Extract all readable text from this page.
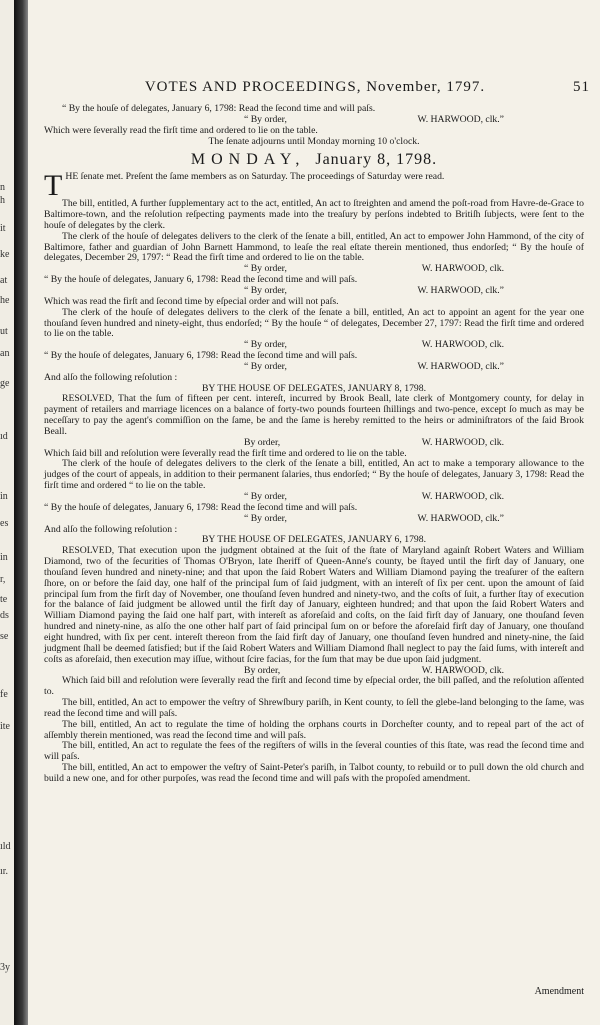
n
h
it
ke
at
he
ut
an
ge
ıd
in
es
in
r,
te
ds
se
fe
ite
ıld
ır.
3y
VOTES AND PROCEEDINGS, November, 1797.	51

“ By the houſe of delegates, January 6, 1798: Read the ſecond time and will paſs.

“ By order,	W. HARWOOD, clk.”

Which were ſeverally read the firſt time and ordered to lie on the table.

The ſenate adjourns until Monday morning 10 o'clock.

MONDAY, January 8, 1798.

THE ſenate met. Preſent the ſame members as on Saturday. The proceedings of Saturday were read.

The bill, entitled, A further ſupplementary act to the act, entitled, An act to ſtreighten and amend the poſt-road from Havre-de-Grace to Baltimore-town, and the reſolution reſpecting payments made into the treaſury by perſons indebted to Britiſh ſubjects, were ſent to the houſe of delegates by the clerk.

The clerk of the houſe of delegates delivers to the clerk of the ſenate a bill, entitled, An act to empower John Hammond, of the city of Baltimore, father and guardian of John Barnett Hammond, to leaſe the real eſtate therein mentioned, thus endorſed; “ By the houſe of delegates, December 29, 1797: “ Read the firſt time and ordered to lie on the table.

“ By order,	W. HARWOOD, clk.

“ By the houſe of delegates, January 6, 1798: Read the ſecond time and will paſs.

“ By order,	W. HARWOOD, clk.”

Which was read the firſt and ſecond time by eſpecial order and will not paſs.

The clerk of the houſe of delegates delivers to the clerk of the ſenate a bill, entitled, An act to appoint an agent for the year one thouſand ſeven hundred and ninety-eight, thus endorſed; “ By the houſe “ of delegates, December 27, 1797: Read the firſt time and ordered to lie on the table.

“ By order,	W. HARWOOD, clk.

“ By the houſe of delegates, January 6, 1798: Read the ſecond time and will paſs.

“ By order,	W. HARWOOD, clk.”

And alſo the following reſolution :

BY THE HOUSE OF DELEGATES, JANUARY 8, 1798.

RESOLVED, That the ſum of fifteen per cent. intereſt, incurred by Brook Beall, late clerk of Montgomery county, for delay in payment of retailers and marriage licences on a balance of forty-two pounds fourteen ſhillings and two-pence, except ſo much as may be neceſſary to pay the agent's commiſſion on the ſame, be and the ſame is hereby remitted to the heirs or adminiſtrators of the ſaid Brook Beall.

By order,	W. HARWOOD, clk.

Which ſaid bill and reſolution were ſeverally read the firſt time and ordered to lie on the table.

The clerk of the houſe of delegates delivers to the clerk of the ſenate a bill, entitled, An act to make a temporary allowance to the judges of the court of appeals, in addition to their permanent ſalaries, thus endorſed; “ By the houſe of delegates, January 3, 1798: Read the firſt time and ordered “ to lie on the table.

“ By order,	W. HARWOOD, clk.

“ By the houſe of delegates, January 6, 1798: Read the ſecond time and will paſs.

“ By order,	W. HARWOOD, clk.”

And alſo the following reſolution :

BY THE HOUSE OF DELEGATES, JANUARY 6, 1798.

RESOLVED, That execution upon the judgment obtained at the ſuit of the ſtate of Maryland againſt Robert Waters and William Diamond, two of the ſecurities of Thomas O'Bryon, late ſheriff of Queen-Anne's county, be ſtayed until the firſt day of January, one thouſand ſeven hundred and ninety-nine; and that upon the ſaid Robert Waters and William Diamond paying the treaſurer of the eaſtern ſhore, on or before the ſaid day, one half of the principal ſum of ſaid judgment, with an intereſt of ſix per cent. upon the amount of ſaid principal ſum from the firſt day of November, one thouſand ſeven hundred and ninety-two, and the coſts of ſuit, a further ſtay of execution for the balance of ſaid judgment be allowed until the firſt day of January, eighteen hundred; and that upon the ſaid Robert Waters and William Diamond paying the ſaid one half part, with intereſt as aforeſaid and coſts, on the ſaid firſt day of January, one thouſand ſeven hundred and ninety-nine, as alſo the one other half part of ſaid principal ſum on or before the aforeſaid firſt day of January, one thouſand eight hundred, with ſix per cent. intereſt thereon from the ſaid firſt day of January, one thouſand ſeven hundred and ninety-nine, the ſaid judgment ſhall be deemed ſatisfied; but if the ſaid Robert Waters and William Diamond ſhall neglect to pay the ſaid ſums, with intereſt and coſts as aforeſaid, then execution may iſſue, without ſcire facias, for the ſum that may be due upon ſaid judgment.

By order,	W. HARWOOD, clk.

Which ſaid bill and reſolution were ſeverally read the firſt and ſecond time by eſpecial order, the bill paſſed, and the reſolution aſſented to.

The bill, entitled, An act to empower the veſtry of Shrewſbury pariſh, in Kent county, to ſell the glebe-land belonging to the ſame, was read the ſecond time and will paſs.

The bill, entitled, An act to regulate the time of holding the orphans courts in Dorcheſter county, and to repeal part of the act of aſſembly therein mentioned, was read the ſecond time and will paſs.

The bill, entitled, An act to regulate the fees of the regiſters of wills in the ſeveral counties of this ſtate, was read the ſecond time and will paſs.

The bill, entitled, An act to empower the veſtry of Saint-Peter's pariſh, in Talbot county, to rebuild or to pull down the old church and build a new one, and for other purpoſes, was read the ſecond time and will paſs with the propoſed amendment.

Amendment
